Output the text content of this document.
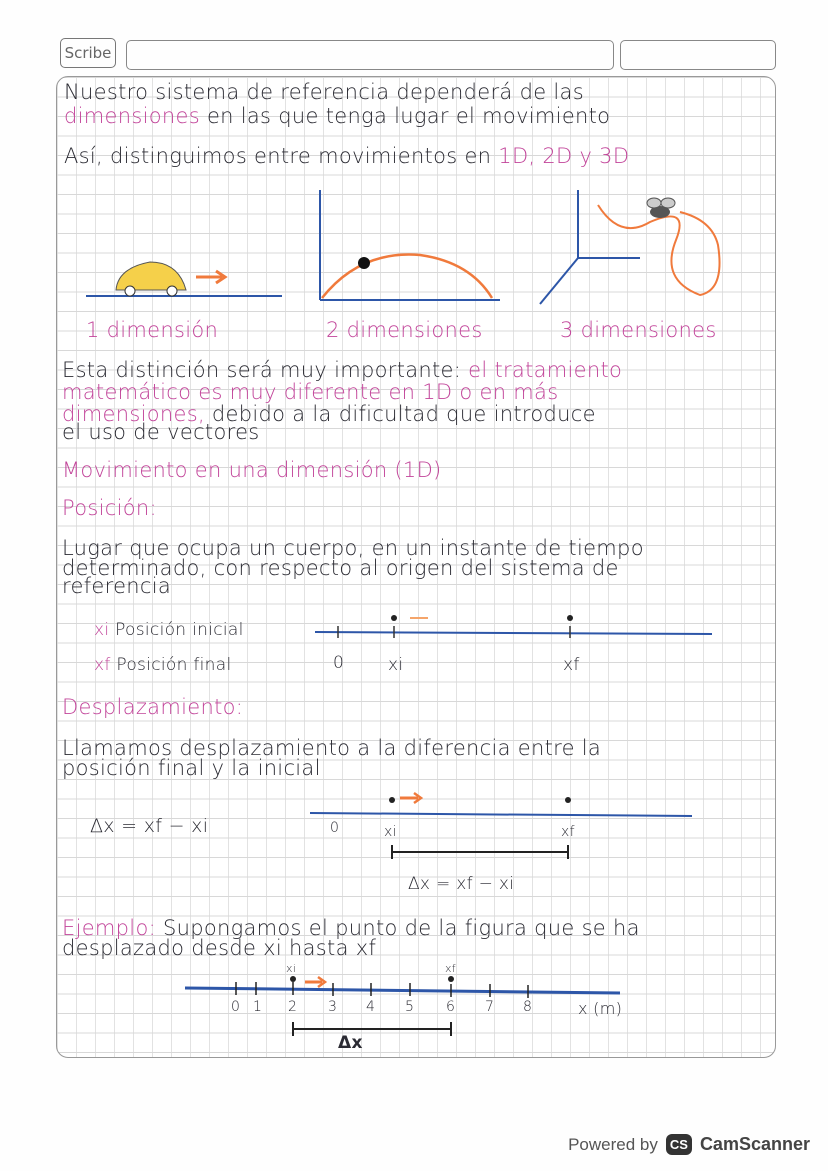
Scribe
Nuestro sistema de referencia dependerá de las
dimensiones en las que tenga lugar el movimiento
Así, distinguimos entre movimientos en 1D, 2D y 3D
1 dimensión	2 dimensiones	3 dimensiones
Esta distinción será muy importante: el tratamiento
matemático es muy diferente en 1D o en más
dimensiones, debido a la dificultad que introduce
el uso de vectores
Movimiento en una dimensión (1D)
Posición:
Lugar que ocupa un cuerpo, en un instante de tiempo
determinado, con respecto al origen del sistema de
referencia
xi Posición inicial
xf Posición final	0	xi	xf
Desplazamiento:
Llamamos desplazamiento a la diferencia entre la
posición final y la inicial
Δx = xf − xi	0	xi	xf
Δx = xf − xi
Ejemplo: Supongamos el punto de la figura que se ha
desplazado desde xi hasta xf
xi	xf
0 1 2 3 4 5 6 7 8	x (m)
Δx
Powered by CS CamScanner
